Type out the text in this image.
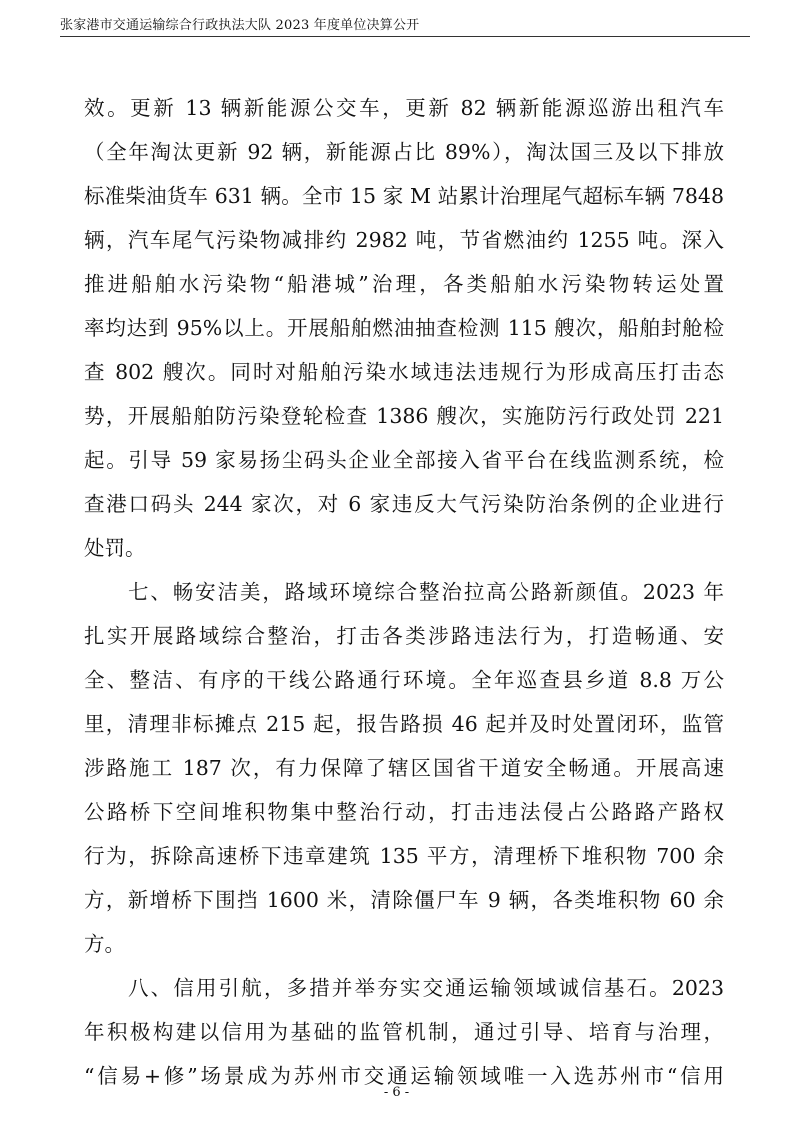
张家港市交通运输综合行政执法大队 2023 年度单位决算公开
效。更新 13 辆新能源公交车，更新 82 辆新能源巡游出租汽车
（全年淘汰更新 92 辆，新能源占比 89%），淘汰国三及以下排放
标准柴油货车 631 辆。全市 15 家 M 站累计治理尾气超标车辆 7848
辆，汽车尾气污染物减排约 2982 吨，节省燃油约 1255 吨。深入
推进船舶水污染物“船港城”治理，各类船舶水污染物转运处置
率均达到 95%以上。开展船舶燃油抽查检测 115 艘次，船舶封舱检
查 802 艘次。同时对船舶污染水域违法违规行为形成高压打击态
势，开展船舶防污染登轮检查 1386 艘次，实施防污行政处罚 221
起。引导 59 家易扬尘码头企业全部接入省平台在线监测系统，检
查港口码头 244 家次，对 6 家违反大气污染防治条例的企业进行
处罚。
七、畅安洁美，路域环境综合整治拉高公路新颜值。2023 年
扎实开展路域综合整治，打击各类涉路违法行为，打造畅通、安
全、整洁、有序的干线公路通行环境。全年巡查县乡道 8.8 万公
里，清理非标摊点 215 起，报告路损 46 起并及时处置闭环，监管
涉路施工 187 次，有力保障了辖区国省干道安全畅通。开展高速
公路桥下空间堆积物集中整治行动，打击违法侵占公路路产路权
行为，拆除高速桥下违章建筑 135 平方，清理桥下堆积物 700 余
方，新增桥下围挡 1600 米，清除僵尸车 9 辆，各类堆积物 60 余
方。
八、信用引航，多措并举夯实交通运输领域诚信基石。2023
年积极构建以信用为基础的监管机制，通过引导、培育与治理，
“信易+修”场景成为苏州市交通运输领域唯一入选苏州市“信用
- 6 -
